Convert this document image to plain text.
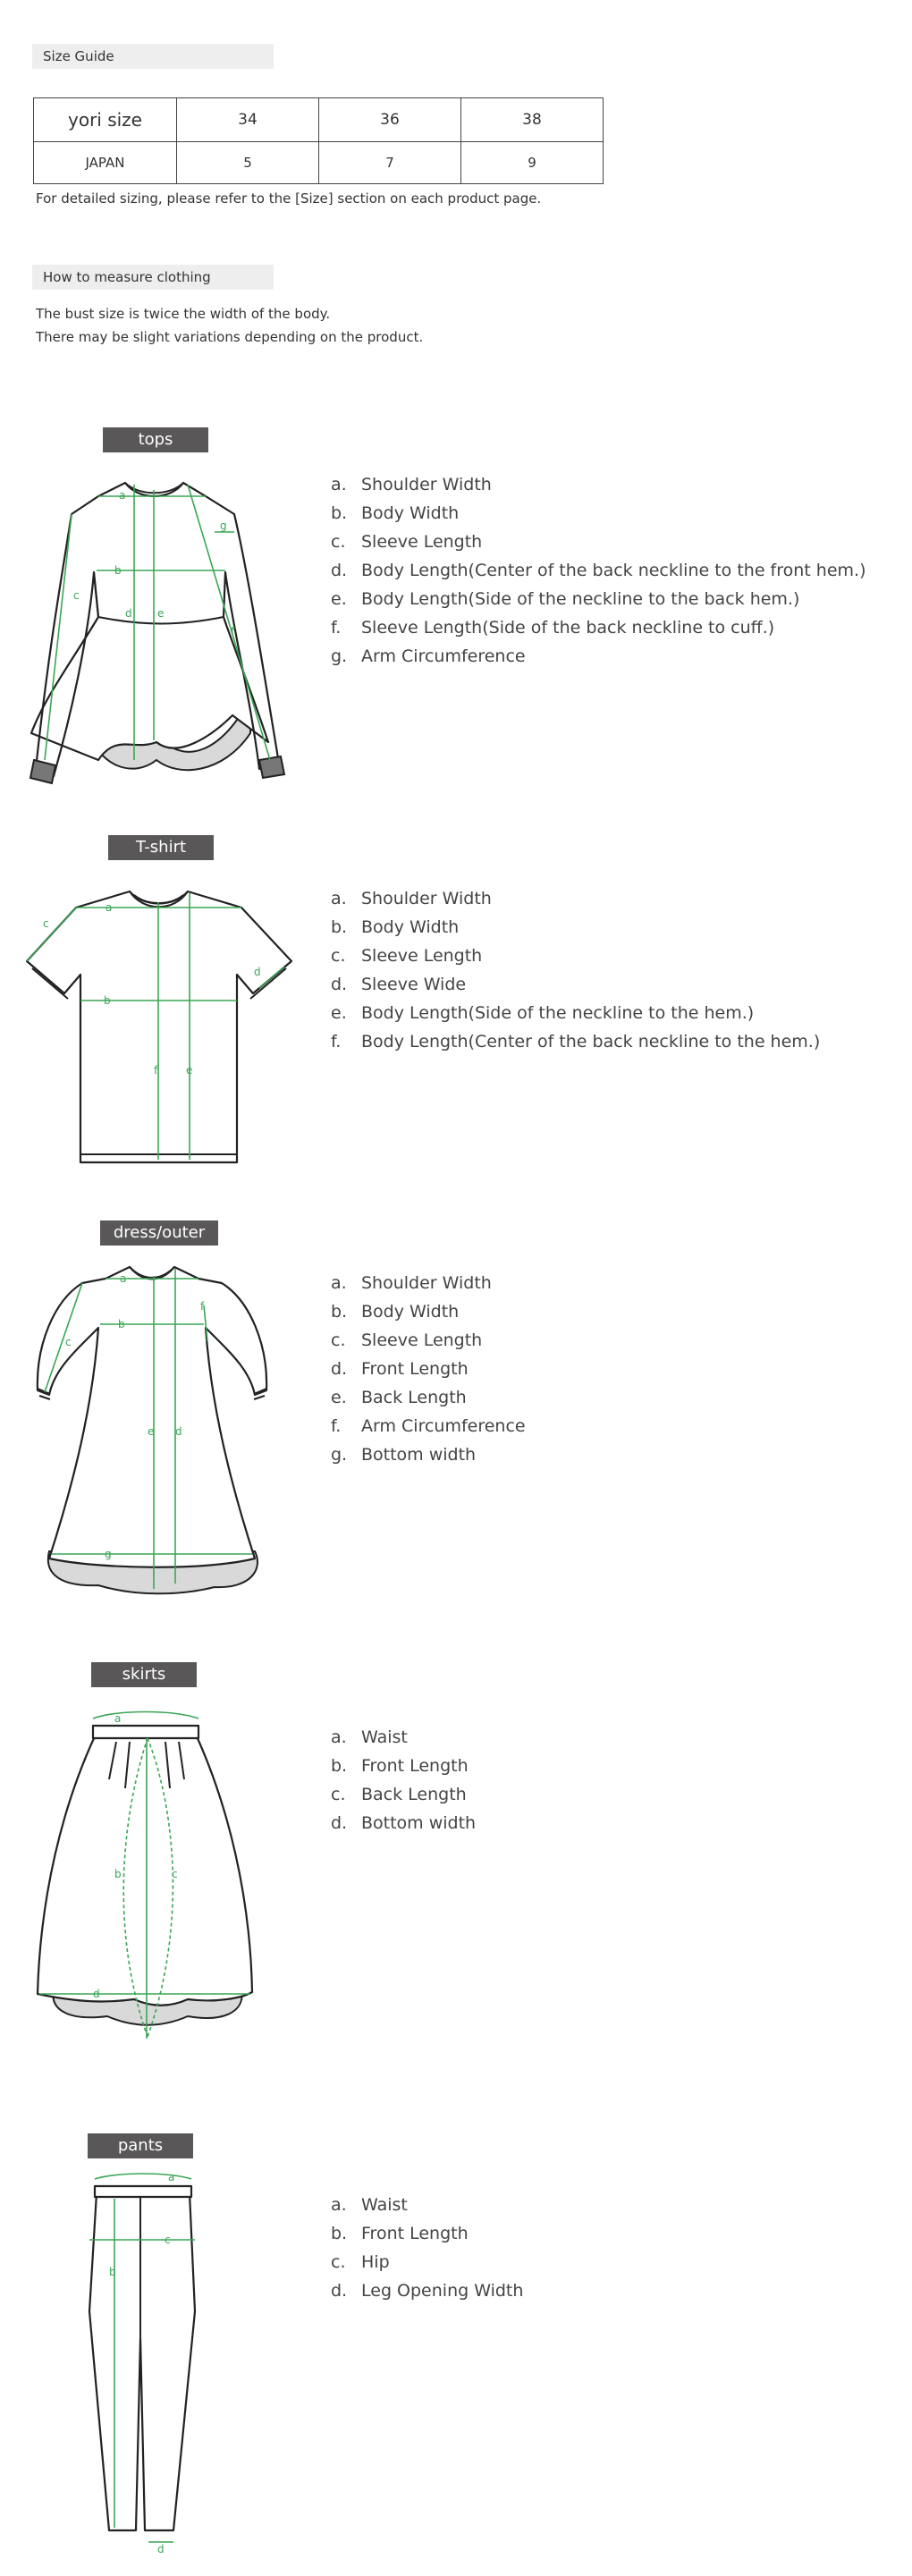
Size Guide
yori size	34	36	38
JAPAN	5	7	9
For detailed sizing, please refer to the [Size] section on each product page.
How to measure clothing
The bust size is twice the width of the body.
There may be slight variations depending on the product.
tops
a
b
c
d e
f
g
a. Shoulder Width
b. Body Width
c. Sleeve Length
d. Body Length(Center of the back neckline to the front hem.)
e. Body Length(Side of the neckline to the back hem.)
f. Sleeve Length(Side of the back neckline to cuff.)
g. Arm Circumference
T-shirt
a
b
c
d
e
f
a. Shoulder Width
b. Body Width
c. Sleeve Length
d. Sleeve Wide
e. Body Length(Side of the neckline to the hem.)
f. Body Length(Center of the back neckline to the hem.)
dress/outer
a
b
c
d
e
f
g
a. Shoulder Width
b. Body Width
c. Sleeve Length
d. Front Length
e. Back Length
f. Arm Circumference
g. Bottom width
skirts
a
b	c
d
a. Waist
b. Front Length
c. Back Length
d. Bottom width
pants
a
b
c
d
a. Waist
b. Front Length
c. Hip
d. Leg Opening Width
